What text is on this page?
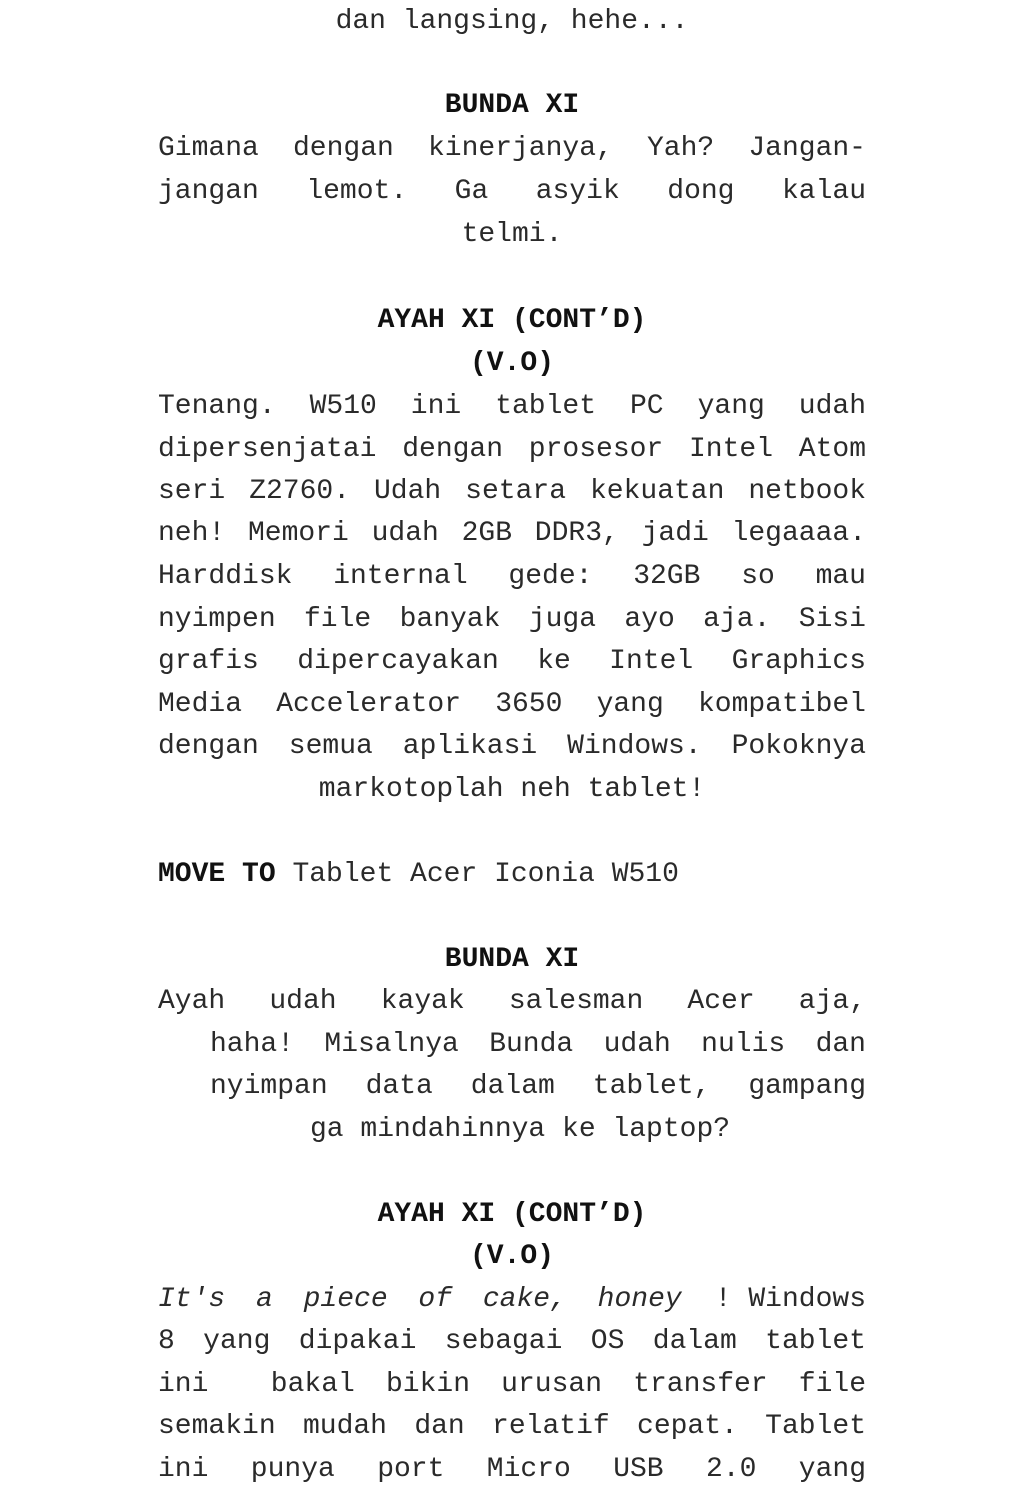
dan langsing, hehe...
BUNDA XI
Gimana dengan kinerjanya, Yah? Jangan-
jangan lemot. Ga asyik dong kalau
telmi.
AYAH XI (CONT’D)
(V.O)
Tenang. W510 ini tablet PC yang udah
dipersenjatai dengan prosesor Intel Atom
seri Z2760. Udah setara kekuatan netbook
neh! Memori udah 2GB DDR3, jadi legaaaa.
Harddisk internal gede: 32GB so mau
nyimpen file banyak juga ayo aja. Sisi
grafis dipercayakan ke Intel Graphics
Media Accelerator 3650 yang kompatibel
dengan semua aplikasi Windows. Pokoknya
markotoplah neh tablet!
MOVE TO Tablet Acer Iconia W510
BUNDA XI
Ayah udah kayak salesman Acer aja,
haha! Misalnya Bunda udah nulis dan
nyimpan data dalam tablet, gampang
ga mindahinnya ke laptop?
AYAH XI (CONT’D)
(V.O)
It's a piece of cake, honey ! Windows
8 yang dipakai sebagai OS dalam tablet
ini  bakal bikin urusan transfer file
semakin mudah dan relatif cepat. Tablet
ini punya port Micro USB 2.0 yang
